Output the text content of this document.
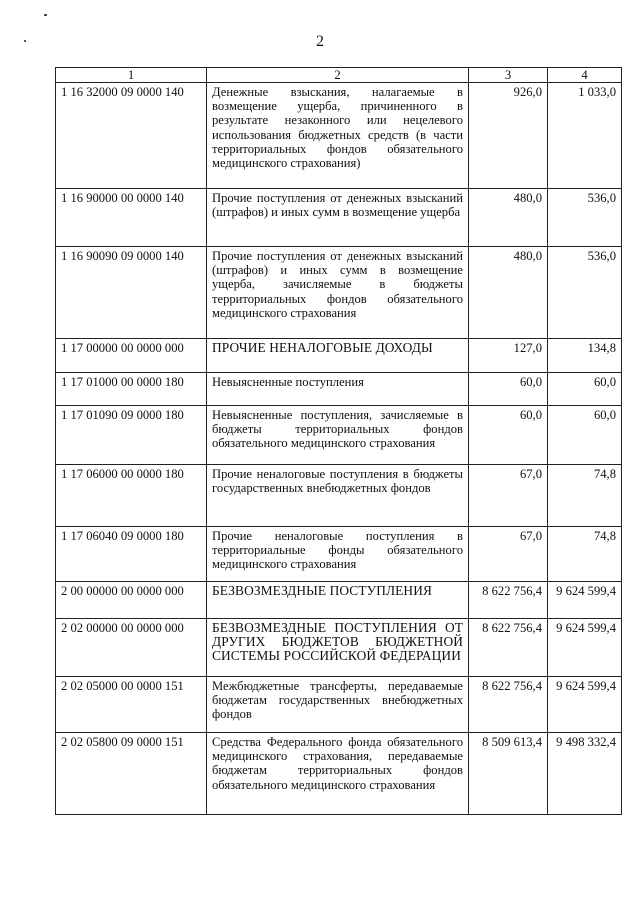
2
1	2	3	4
1 16 32000 09 0000 140	Денежные взыскания, налагаемые в возмещение ущерба, причиненного в результате незаконного или нецелевого использования бюджетных средств (в части территориальных фондов обязательного медицинского страхования)	926,0	1 033,0
1 16 90000 00 0000 140	Прочие поступления от денежных взысканий (штрафов) и иных сумм в возмещение ущерба	480,0	536,0
1 16 90090 09 0000 140	Прочие поступления от денежных взысканий (штрафов) и иных сумм в возмещение ущерба, зачисляемые в бюджеты территориальных фондов обязательного медицинского страхования	480,0	536,0
1 17 00000 00 0000 000	ПРОЧИЕ НЕНАЛОГОВЫЕ ДОХОДЫ	127,0	134,8
1 17 01000 00 0000 180	Невыясненные поступления	60,0	60,0
1 17 01090 09 0000 180	Невыясненные поступления, зачисляемые в бюджеты территориальных фондов обязательного медицинского страхования	60,0	60,0
1 17 06000 00 0000 180	Прочие неналоговые поступления в бюджеты государственных внебюджетных фондов	67,0	74,8
1 17 06040 09 0000 180	Прочие неналоговые поступления в территориальные фонды обязательного медицинского страхования	67,0	74,8
2 00 00000 00 0000 000	БЕЗВОЗМЕЗДНЫЕ ПОСТУПЛЕНИЯ	8 622 756,4	9 624 599,4
2 02 00000 00 0000 000	БЕЗВОЗМЕЗДНЫЕ ПОСТУПЛЕНИЯ ОТ ДРУГИХ БЮДЖЕТОВ БЮДЖЕТНОЙ СИСТЕМЫ РОССИЙСКОЙ ФЕДЕРАЦИИ	8 622 756,4	9 624 599,4
2 02 05000 00 0000 151	Межбюджетные трансферты, передаваемые бюджетам государственных внебюджетных фондов	8 622 756,4	9 624 599,4
2 02 05800 09 0000 151	Средства Федерального фонда обязательного медицинского страхования, передаваемые бюджетам территориальных фондов обязательного медицинского страхования	8 509 613,4	9 498 332,4
